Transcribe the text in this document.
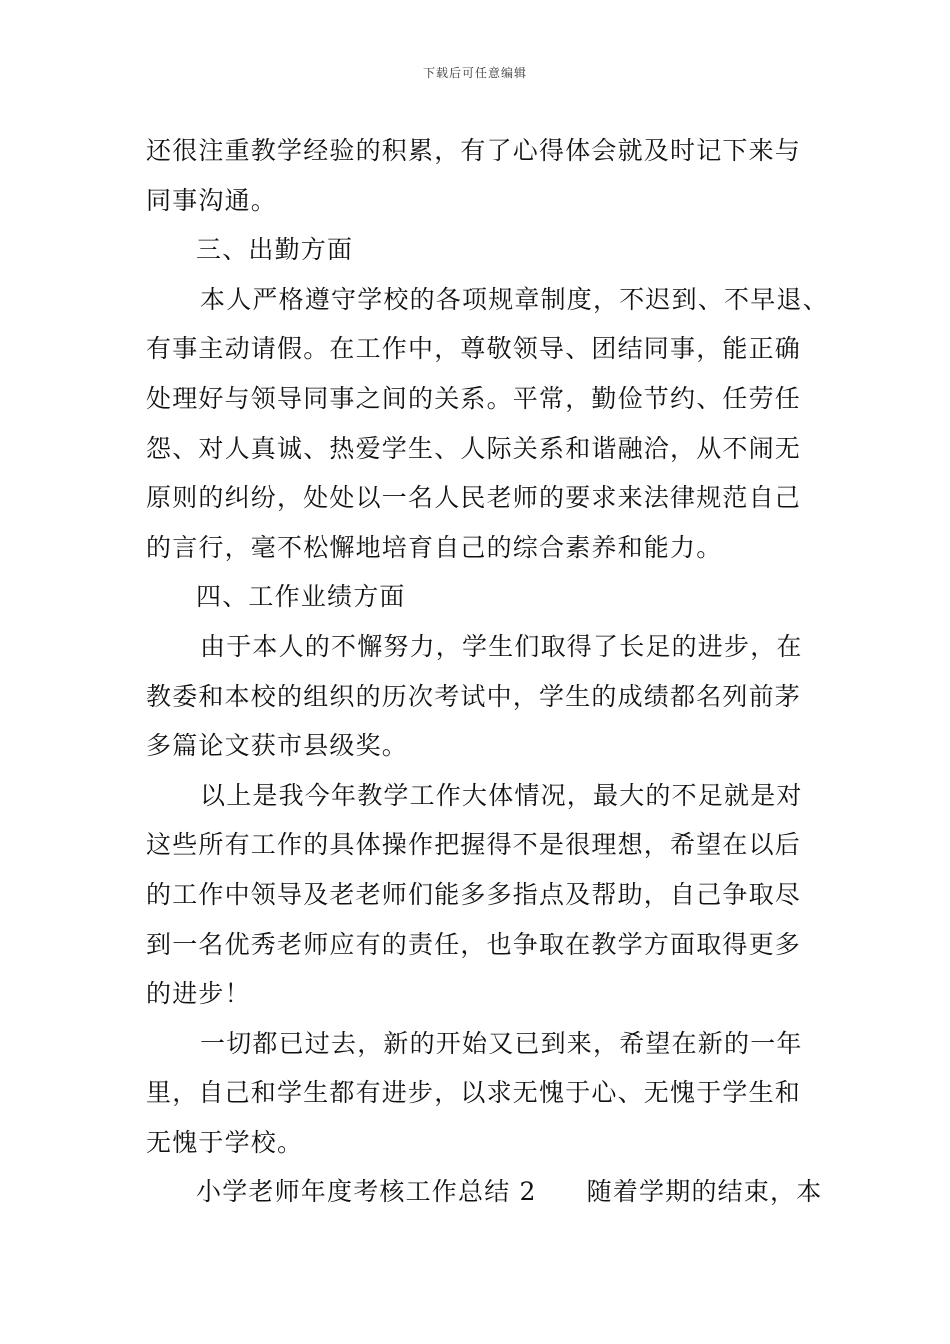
下载后可任意编辑
还很注重教学经验的积累，有了心得体会就及时记下来与
同事沟通。
三、出勤方面
本人严格遵守学校的各项规章制度，不迟到、不早退、
有事主动请假。在工作中，尊敬领导、团结同事，能正确
处理好与领导同事之间的关系。平常，勤俭节约、任劳任
怨、对人真诚、热爱学生、人际关系和谐融洽，从不闹无
原则的纠纷，处处以一名人民老师的要求来法律规范自己
的言行，毫不松懈地培育自己的综合素养和能力。
四、工作业绩方面
由于本人的不懈努力，学生们取得了长足的进步，在
教委和本校的组织的历次考试中，学生的成绩都名列前茅
多篇论文获市县级奖。
以上是我今年教学工作大体情况，最大的不足就是对
这些所有工作的具体操作把握得不是很理想，希望在以后
的工作中领导及老老师们能多多指点及帮助，自己争取尽
到一名优秀老师应有的责任，也争取在教学方面取得更多
的进步！
一切都已过去，新的开始又已到来，希望在新的一年
里，自己和学生都有进步，以求无愧于心、无愧于学生和
无愧于学校。
小学老师年度考核工作总结 2 随着学期的结束，本
